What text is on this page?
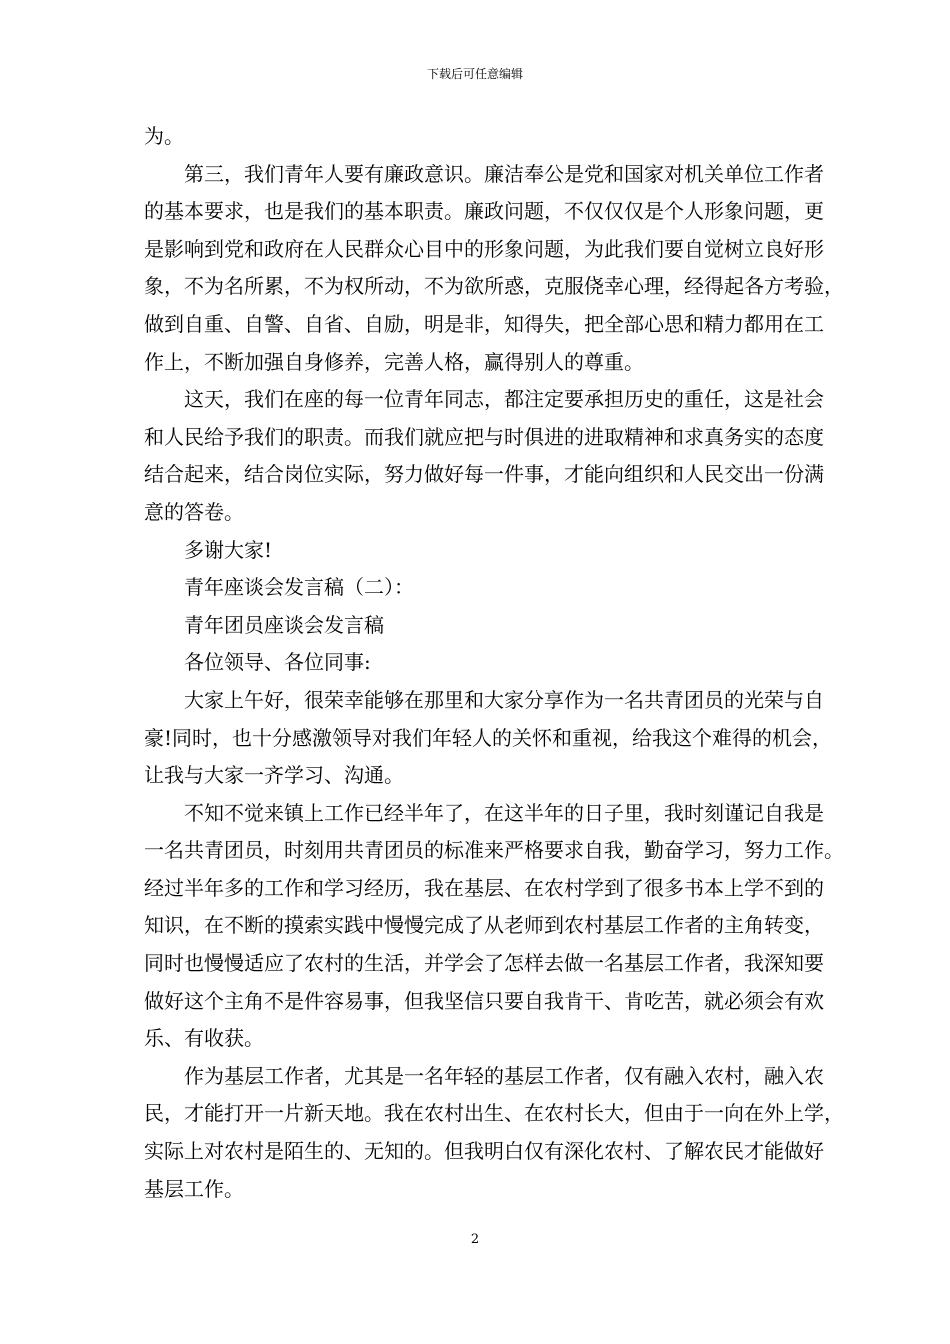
下载后可任意编辑
为。
第三，我们青年人要有廉政意识。廉洁奉公是党和国家对机关单位工作者
的基本要求，也是我们的基本职责。廉政问题，不仅仅仅是个人形象问题，更
是影响到党和政府在人民群众心目中的形象问题，为此我们要自觉树立良好形
象，不为名所累，不为权所动，不为欲所惑，克服侥幸心理，经得起各方考验，
做到自重、自警、自省、自励，明是非，知得失，把全部心思和精力都用在工
作上，不断加强自身修养，完善人格，赢得别人的尊重。
这天，我们在座的每一位青年同志，都注定要承担历史的重任，这是社会
和人民给予我们的职责。而我们就应把与时俱进的进取精神和求真务实的态度
结合起来，结合岗位实际，努力做好每一件事，才能向组织和人民交出一份满
意的答卷。
多谢大家!
青年座谈会发言稿（二）：
青年团员座谈会发言稿
各位领导、各位同事:
大家上午好，很荣幸能够在那里和大家分享作为一名共青团员的光荣与自
豪!同时，也十分感激领导对我们年轻人的关怀和重视，给我这个难得的机会，
让我与大家一齐学习、沟通。
不知不觉来镇上工作已经半年了，在这半年的日子里，我时刻谨记自我是
一名共青团员，时刻用共青团员的标准来严格要求自我，勤奋学习，努力工作。
经过半年多的工作和学习经历，我在基层、在农村学到了很多书本上学不到的
知识，在不断的摸索实践中慢慢完成了从老师到农村基层工作者的主角转变，
同时也慢慢适应了农村的生活，并学会了怎样去做一名基层工作者，我深知要
做好这个主角不是件容易事，但我坚信只要自我肯干、肯吃苦，就必须会有欢
乐、有收获。
作为基层工作者，尤其是一名年轻的基层工作者，仅有融入农村，融入农
民，才能打开一片新天地。我在农村出生、在农村长大，但由于一向在外上学，
实际上对农村是陌生的、无知的。但我明白仅有深化农村、了解农民才能做好
基层工作。
2
